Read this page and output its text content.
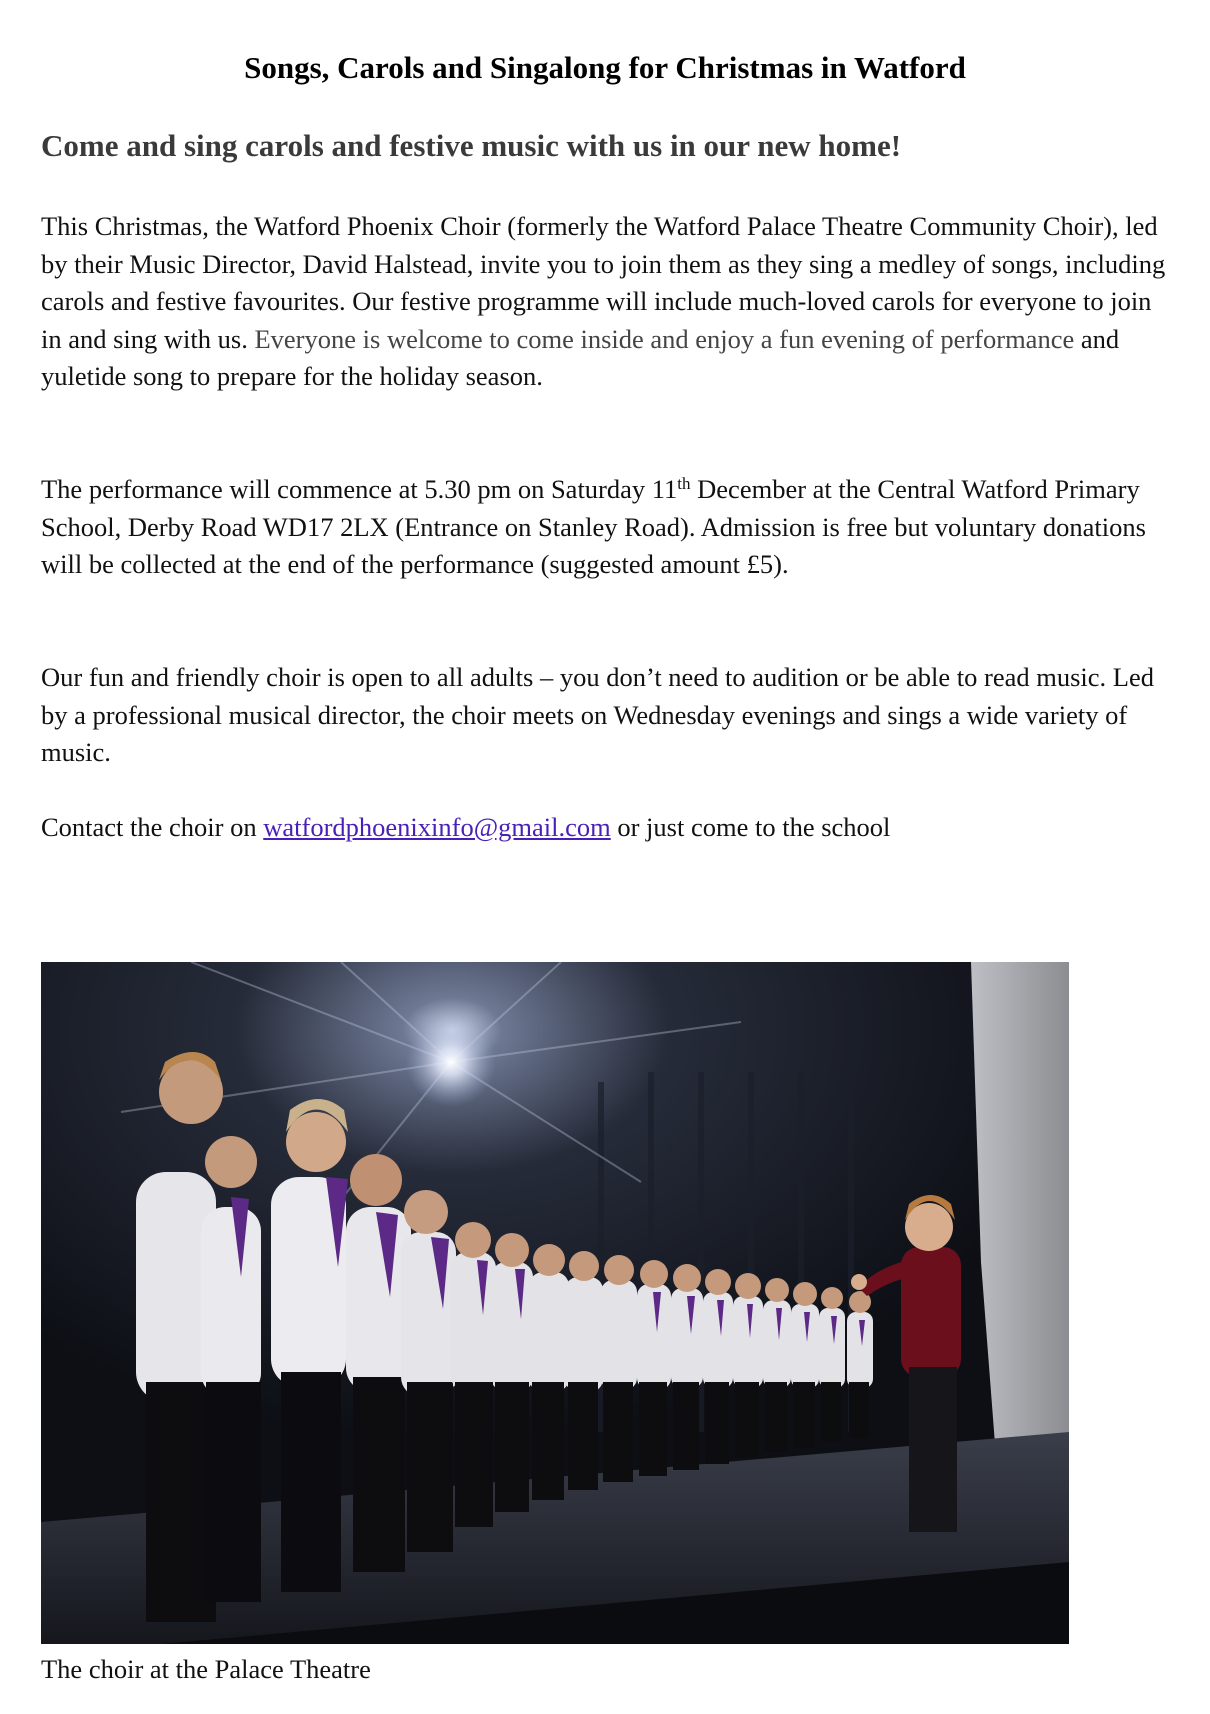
Songs, Carols and Singalong for Christmas in Watford
Come and sing carols and festive music with us in our new home!
This Christmas, the Watford Phoenix Choir (formerly the Watford Palace Theatre Community Choir), led by their Music Director, David Halstead, invite you to join them as they sing a medley of songs, including carols and festive favourites. Our festive programme will include much-loved carols for everyone to join in and sing with us. Everyone is welcome to come inside and enjoy a fun evening of performance and yuletide song to prepare for the holiday season.
The performance will commence at 5.30 pm on Saturday 11th December at the Central Watford Primary School, Derby Road WD17 2LX (Entrance on Stanley Road). Admission is free but voluntary donations will be collected at the end of the performance (suggested amount £5).
Our fun and friendly choir is open to all adults – you don’t need to audition or be able to read music. Led by a professional musical director, the choir meets on Wednesday evenings and sings a wide variety of music.
Contact the choir on watfordphoenixinfo@gmail.com or just come to the school
The choir at the Palace Theatre
